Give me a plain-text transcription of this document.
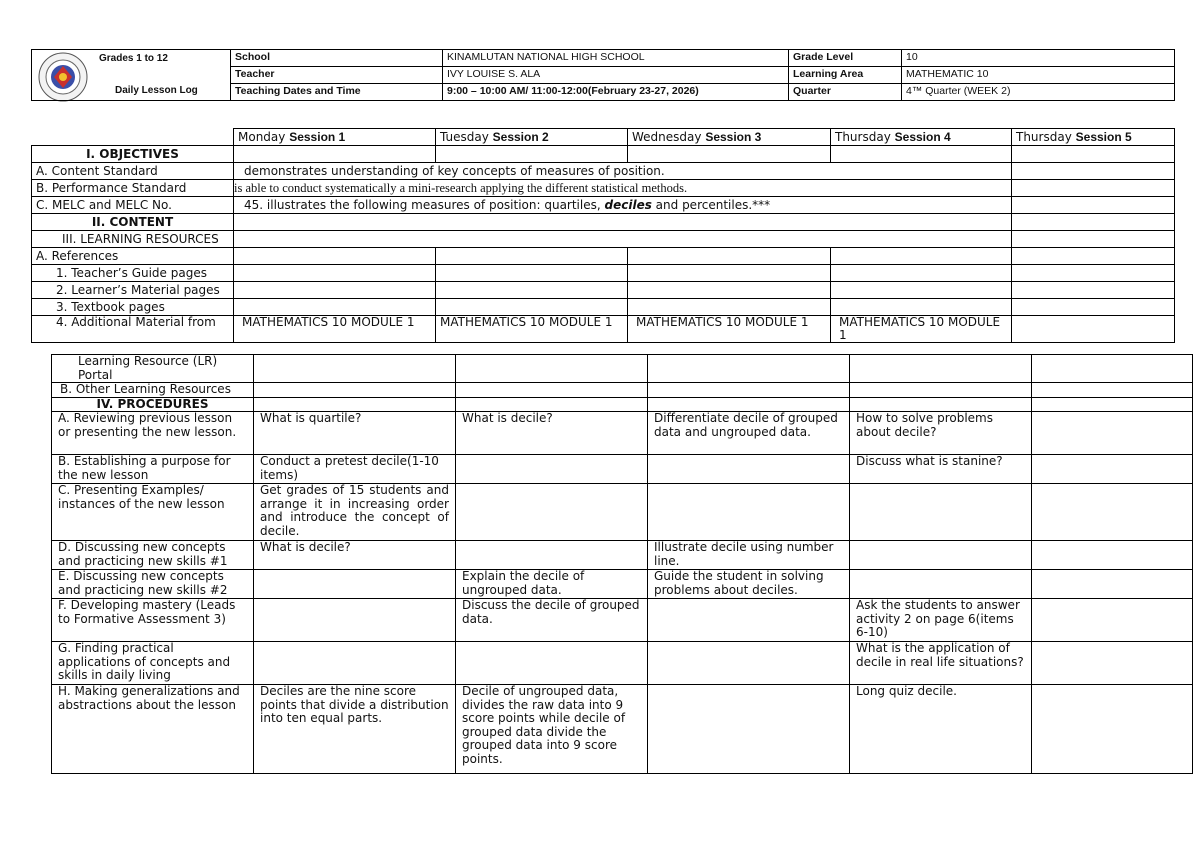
Grades 1 to 12
Daily Lesson Log
	School	KINAMLUTAN NATIONAL HIGH SCHOOL	Grade Level	10
	Teacher	IVY LOUISE S. ALA	Learning Area	MATHEMATIC 10
	Teaching Dates and Time	9:00 – 10:00 AM/ 11:00-12:00(February 23-27, 2026)	Quarter	4™ Quarter (WEEK 2)
	Monday Session 1	Tuesday Session 2	Wednesday Session 3	Thursday Session 4	Thursday Session 5
I. OBJECTIVES					
A. Content Standard	demonstrates understanding of key concepts of measures of position.				
B. Performance Standard	is able to conduct systematically a mini-research applying the different statistical methods.				
C. MELC and MELC No.	45. illustrates the following measures of position: quartiles, deciles and percentiles.***				
II. CONTENT					
III. LEARNING RESOURCES					
A. References					
1. Teacher’s Guide pages					
2. Learner’s Material pages					
3. Textbook pages					
4. Additional Material from	MATHEMATICS 10 MODULE 1	MATHEMATICS 10 MODULE 1	MATHEMATICS 10 MODULE 1	MATHEMATICS 10 MODULE 1	
Learning Resource (LR) Portal					
B. Other Learning Resources					
IV. PROCEDURES					
A. Reviewing previous lesson or presenting the new lesson.	What is quartile?	What is decile?	Differentiate decile of grouped data and ungrouped data.	How to solve problems about decile?	
B. Establishing a purpose for the new lesson	Conduct a pretest decile(1-10 items)			Discuss what is stanine?	
C. Presenting Examples/ instances of the new lesson	Get grades of 15 students and arrange it in increasing order and introduce the concept of decile.				
D. Discussing new concepts and practicing new skills #1	What is decile?		Illustrate decile using number line.		
E. Discussing new concepts and practicing new skills #2		Explain the decile of ungrouped data.	Guide the student in solving problems about deciles.		
F. Developing mastery (Leads to Formative Assessment 3)		Discuss the decile of grouped data.		Ask the students to answer activity 2 on page 6(items 6-10)	
G. Finding practical applications of concepts and skills in daily living				What is the application of decile in real life situations?	
H. Making generalizations and abstractions about the lesson	Deciles are the nine score points that divide a distribution into ten equal parts.	Decile of ungrouped data, divides the raw data into 9 score points while decile of grouped data divide the grouped data into 9 score points.		Long quiz decile.	
